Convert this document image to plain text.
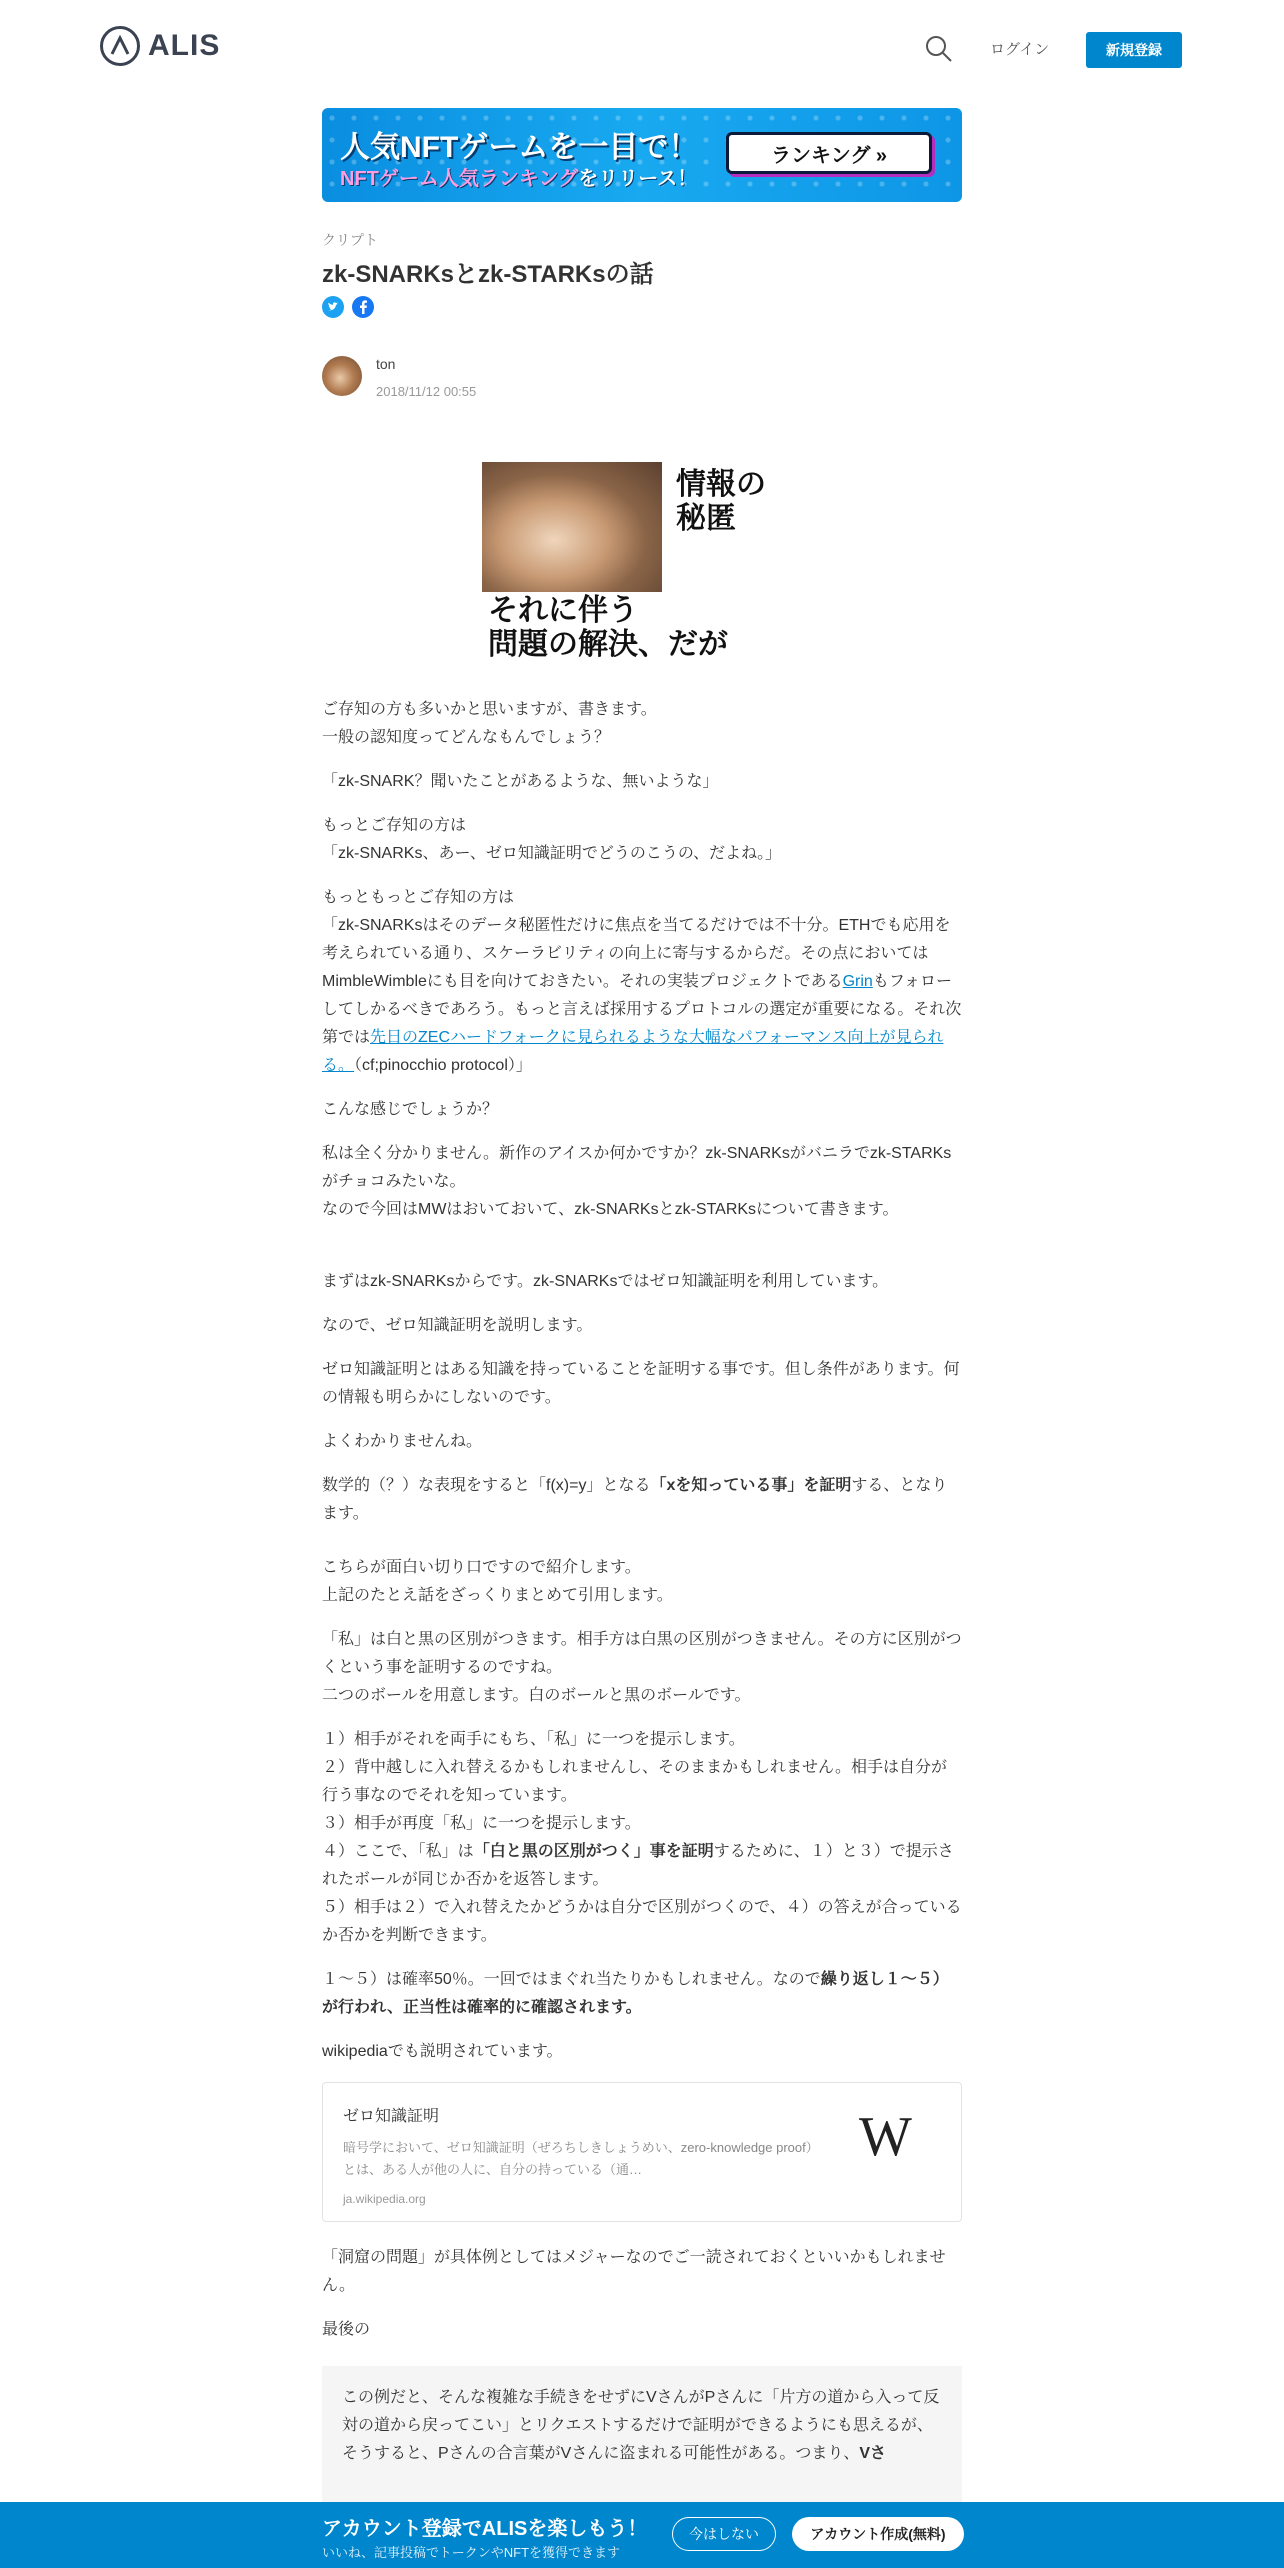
ALIS	ログイン	新規登録
人気NFTゲームを一目で！
NFTゲーム人気ランキングをリリース！
ランキング »
クリプト
zk-SNARKsとzk-STARKsの話
ton
2018/11/12 00:55
情報の
秘匿
それに伴う
問題の解決、だが

ご存知の方も多いかと思いますが、書きます。
一般の認知度ってどんなもんでしょう？

「zk-SNARK？聞いたことがあるような、無いような」

もっとご存知の方は
「zk-SNARKs、あー、ゼロ知識証明でどうのこうの、だよね。」

もっともっとご存知の方は
「zk-SNARKsはそのデータ秘匿性だけに焦点を当てるだけでは不十分。ETHでも応用を考えられている通り、スケーラビリティの向上に寄与するからだ。その点においてはMimbleWimbleにも目を向けておきたい。それの実装プロジェクトであるGrinもフォローしてしかるべきであろう。もっと言えば採用するプロトコルの選定が重要になる。それ次第では先日のZECハードフォークに見られるような大幅なパフォーマンス向上が見られる。（cf;pinocchio protocol）」

こんな感じでしょうか？

私は全く分かりません。新作のアイスか何かですか？zk-SNARKsがバニラでzk-STARKsがチョコみたいな。
なので今回はMWはおいておいて、zk-SNARKsとzk-STARKsについて書きます。

まずはzk-SNARKsからです。zk-SNARKsではゼロ知識証明を利用しています。

なので、ゼロ知識証明を説明します。

ゼロ知識証明とはある知識を持っていることを証明する事です。但し条件があります。何の情報も明らかにしないのです。

よくわかりませんね。

数学的（？）な表現をすると「f(x)=y」となる「xを知っている事」を証明する、となります。

こちらが面白い切り口ですので紹介します。
上記のたとえ話をざっくりまとめて引用します。

「私」は白と黒の区別がつきます。相手方は白黒の区別がつきません。その方に区別がつくという事を証明するのですね。
二つのボールを用意します。白のボールと黒のボールです。

１）相手がそれを両手にもち、「私」に一つを提示します。
２）背中越しに入れ替えるかもしれませんし、そのままかもしれません。相手は自分が行う事なのでそれを知っています。
３）相手が再度「私」に一つを提示します。
４）ここで、「私」は「白と黒の区別がつく」事を証明するために、１）と３）で提示されたボールが同じか否かを返答します。
５）相手は２）で入れ替えたかどうかは自分で区別がつくので、４）の答えが合っているか否かを判断できます。

１～５）は確率50％。一回ではまぐれ当たりかもしれません。なので繰り返し１～５）が行われ、正当性は確率的に確認されます。

wikipediaでも説明されています。

ゼロ知識証明
暗号学において、ゼロ知識証明（ぜろちしきしょうめい、zero-knowledge proof）とは、ある人が他の人に、自分の持っている（通…
ja.wikipedia.org
W

「洞窟の問題」が具体例としてはメジャーなのでご一読されておくといいかもしれません。

最後の

この例だと、そんな複雑な手続きをせずにVさんがPさんに「片方の道から入って反対の道から戻ってこい」とリクエストするだけで証明ができるようにも思えるが、そうすると、Pさんの合言葉がVさんに盗まれる可能性がある。つまり、Vさ
アカウント登録でALISを楽しもう！
いいね、記事投稿でトークンやNFTを獲得できます
今はしない	アカウント作成(無料)
